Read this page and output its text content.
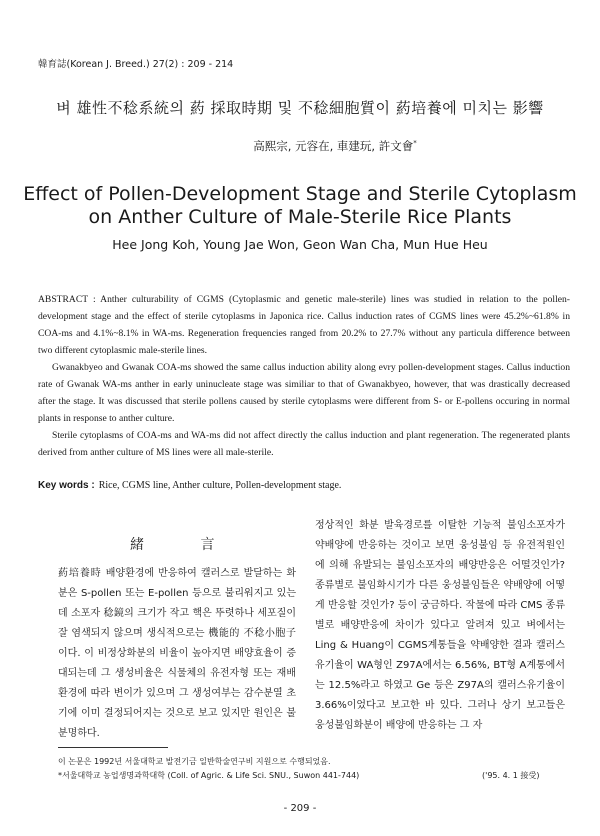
韓育誌(Korean J. Breed.) 27(2) : 209 - 214
벼 雄性不稔系統의 葯 採取時期 및 不稔細胞質이 葯培養에 미치는 影響
高熙宗, 元容在, 車建玩, 許文會*
Effect of Pollen-Development Stage and Sterile Cytoplasm
on Anther Culture of Male-Sterile Rice Plants
Hee Jong Koh, Young Jae Won, Geon Wan Cha, Mun Hue Heu

ABSTRACT : Anther culturability of CGMS (Cytoplasmic and genetic male-sterile) lines was studied in relation to the pollen-development stage and the effect of sterile cytoplasms in Japonica rice. Callus induction rates of CGMS lines were 45.2%~61.8% in COA-ms and 4.1%~8.1% in WA-ms. Regeneration frequencies ranged from 20.2% to 27.7% without any particula difference between two different cytoplasmic male-sterile lines.

Gwanakbyeo and Gwanak COA-ms showed the same callus induction ability along evry pollen-development stages. Callus induction rate of Gwanak WA-ms anther in early uninucleate stage was similiar to that of Gwanakbyeo, however, that was drastically decreased after the stage. It was discussed that sterile pollens caused by sterile cytoplasms were different from S- or E-pollens occuring in normal plants in response to anther culture.

Sterile cytoplasms of COA-ms and WA-ms did not affect directly the callus induction and plant regeneration. The regenerated plants derived from anther culture of MS lines were all male-sterile.

Key words : Rice, CGMS line, Anther culture, Pollen-development stage.
緒 言
葯培養時 배양환경에 반응하여 캘러스로 발달하는 화분은 S-pollen 또는 E-pollen 등으로 불리워지고 있는데 소포자 稔鏡의 크기가 작고 핵은 뚜렷하나 세포질이 잘 염색되지 않으며 생식적으로는 機能的 不稔小胞子이다. 이 비정상화분의 비율이 높아지면 배양효율이 증대되는데 그 생성비율은 식물체의 유전자형 또는 재배환경에 따라 변이가 있으며 그 생성여부는 감수분열 초기에 이미 결정되어지는 것으로 보고 있지만 원인은 불분명하다.
정상적인 화분 발육경로를 이탈한 기능적 불임소포자가 약배양에 반응하는 것이고 보면 웅성불임 등 유전적원인에 의해 유발되는 불임소포자의 배양반응은 어떨것인가? 종류별로 불임화시기가 다른 웅성불임들은 약배양에 어떻게 반응할 것인가? 등이 궁금하다. 작물에 따라 CMS 종류별로 배양반응에 차이가 있다고 알려져 있고 벼에서는 Ling & Huang이 CGMS계통들을 약배양한 결과 캘러스유기율이 WA형인 Z97A에서는 6.56%, BT형 A계통에서는 12.5%라고 하였고 Ge 등은 Z97A의 캘러스유기율이 3.66%이었다고 보고한 바 있다. 그러나 상기 보고들은 웅성불임화분이 배양에 반응하는 그 자
이 논문은 1992년 서울대학교 발전기금 일반학술연구비 지원으로 수행되었음.
*서울대학교 농업생명과학대학 (Coll. of Agric. & Life Sci. SNU., Suwon 441-744)	('95. 4. 1 接受)
- 209 -
